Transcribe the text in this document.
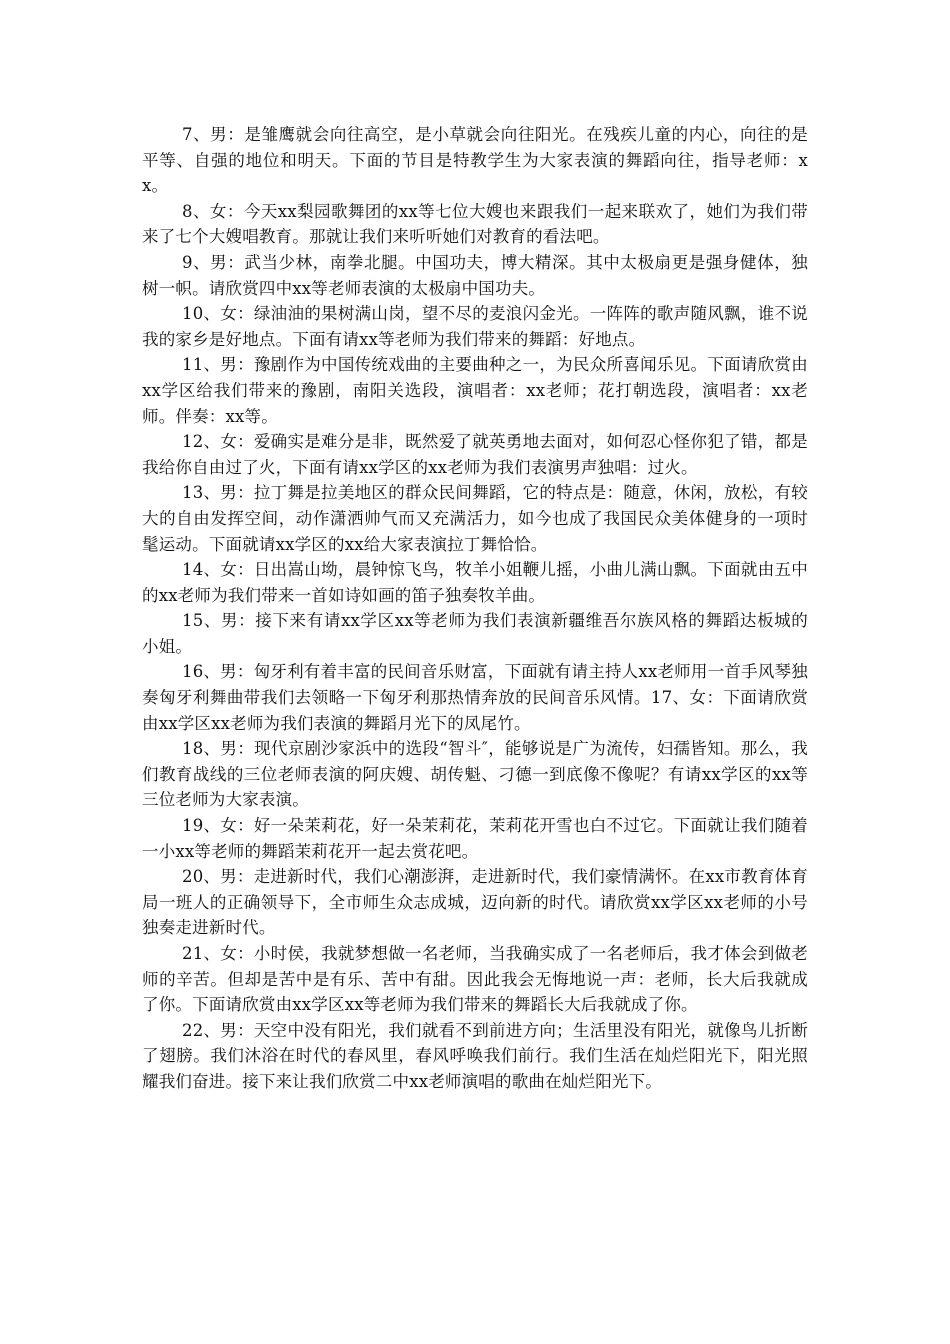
7、男：是雏鹰就会向往高空，是小草就会向往阳光。在残疾儿童的内心，向往的是平等、自强的地位和明天。下面的节目是特教学生为大家表演的舞蹈向往，指导老师：xx。

8、女：今天xx梨园歌舞团的xx等七位大嫂也来跟我们一起来联欢了，她们为我们带来了七个大嫂唱教育。那就让我们来听听她们对教育的看法吧。

9、男：武当少林，南拳北腿。中国功夫，博大精深。其中太极扇更是强身健体，独树一帜。请欣赏四中xx等老师表演的太极扇中国功夫。

10、女：绿油油的果树满山岗，望不尽的麦浪闪金光。一阵阵的歌声随风飘，谁不说我的家乡是好地点。下面有请xx等老师为我们带来的舞蹈：好地点。

11、男：豫剧作为中国传统戏曲的主要曲种之一，为民众所喜闻乐见。下面请欣赏由xx学区给我们带来的豫剧，南阳关选段，演唱者：xx老师；花打朝选段，演唱者：xx老师。伴奏：xx等。

12、女：爱确实是难分是非，既然爱了就英勇地去面对，如何忍心怪你犯了错，都是我给你自由过了火，下面有请xx学区的xx老师为我们表演男声独唱：过火。

13、男：拉丁舞是拉美地区的群众民间舞蹈，它的特点是：随意，休闲，放松，有较大的自由发挥空间，动作潇洒帅气而又充满活力，如今也成了我国民众美体健身的一项时髦运动。下面就请xx学区的xx给大家表演拉丁舞恰恰。

14、女：日出嵩山坳，晨钟惊飞鸟，牧羊小姐鞭儿摇，小曲儿满山飘。下面就由五中的xx老师为我们带来一首如诗如画的笛子独奏牧羊曲。

15、男：接下来有请xx学区xx等老师为我们表演新疆维吾尔族风格的舞蹈达板城的小姐。

16、男：匈牙利有着丰富的民间音乐财富，下面就有请主持人xx老师用一首手风琴独奏匈牙利舞曲带我们去领略一下匈牙利那热情奔放的民间音乐风情。17、女：下面请欣赏由xx学区xx老师为我们表演的舞蹈月光下的凤尾竹。

18、男：现代京剧沙家浜中的选段“智斗″，能够说是广为流传，妇孺皆知。那么，我们教育战线的三位老师表演的阿庆嫂、胡传魁、刁德一到底像不像呢？有请xx学区的xx等三位老师为大家表演。

19、女：好一朵茉莉花，好一朵茉莉花，茉莉花开雪也白不过它。下面就让我们随着一小xx等老师的舞蹈茉莉花开一起去赏花吧。

20、男：走进新时代，我们心潮澎湃，走进新时代，我们豪情满怀。在xx市教育体育局一班人的正确领导下，全市师生众志成城，迈向新的时代。请欣赏xx学区xx老师的小号独奏走进新时代。

21、女：小时侯，我就梦想做一名老师，当我确实成了一名老师后，我才体会到做老师的辛苦。但却是苦中是有乐、苦中有甜。因此我会无悔地说一声：老师，长大后我就成了你。下面请欣赏由xx学区xx等老师为我们带来的舞蹈长大后我就成了你。

22、男：天空中没有阳光，我们就看不到前进方向；生活里没有阳光，就像鸟儿折断了翅膀。我们沐浴在时代的春风里，春风呼唤我们前行。我们生活在灿烂阳光下，阳光照耀我们奋进。接下来让我们欣赏二中xx老师演唱的歌曲在灿烂阳光下。
